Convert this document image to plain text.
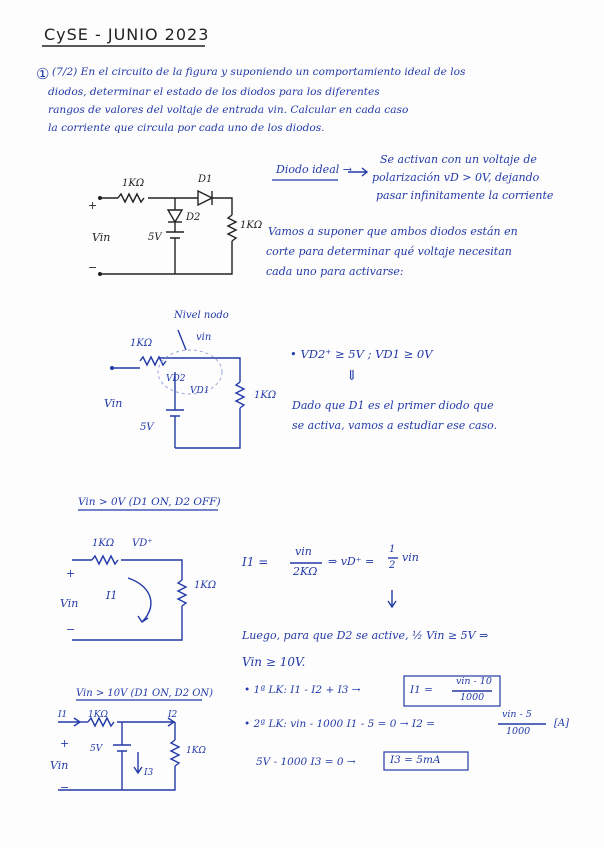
CySE - JUNIO 2023
① (7/2) En el circuito de la figura y suponiendo un comportamiento ideal de los
diodos, determinar el estado de los diodos para los diferentes
rangos de valores del voltaje de entrada vin. Calcular en cada caso
la corriente que circula por cada uno de los diodos.
1KΩ	D1
D2
5V
1KΩ
Vin
+
−
Diodo ideal →
Se activan con un voltaje de
polarización vD > 0V, dejando
pasar infinitamente la corriente
Vamos a suponer que ambos diodos están en
corte para determinar qué voltaje necesitan
cada uno para activarse:
Nivel nodo
1KΩ
vin
VD2
VD1
5V
Vin
1KΩ
• VD2⁺ ≥ 5V ; VD1 ≥ 0V
⇓
Dado que D1 es el primer diodo que
se activa, vamos a estudiar ese caso.
Vin > 0V (D1 ON, D2 OFF)
1KΩ VD⁺
I1
Vin
1KΩ
+
−
I1 =
vin
2KΩ
⇒ vD⁺ =
1
2
vin
Luego, para que D2 se active, ½ Vin ≥ 5V ⇒
Vin ≥ 10V.
Vin > 10V (D1 ON, D2 ON)
I1 1KΩ	I2
5V
Vin
1KΩ
I3
+
−
• 1ª LK: I1 - I2 + I3 →	I1 =
vin - 10
1000
• 2ª LK: vin - 1000 I1 - 5 = 0 → I2 =
vin - 5
1000
[A]
5V - 1000 I3 = 0 →	I3 = 5mA
